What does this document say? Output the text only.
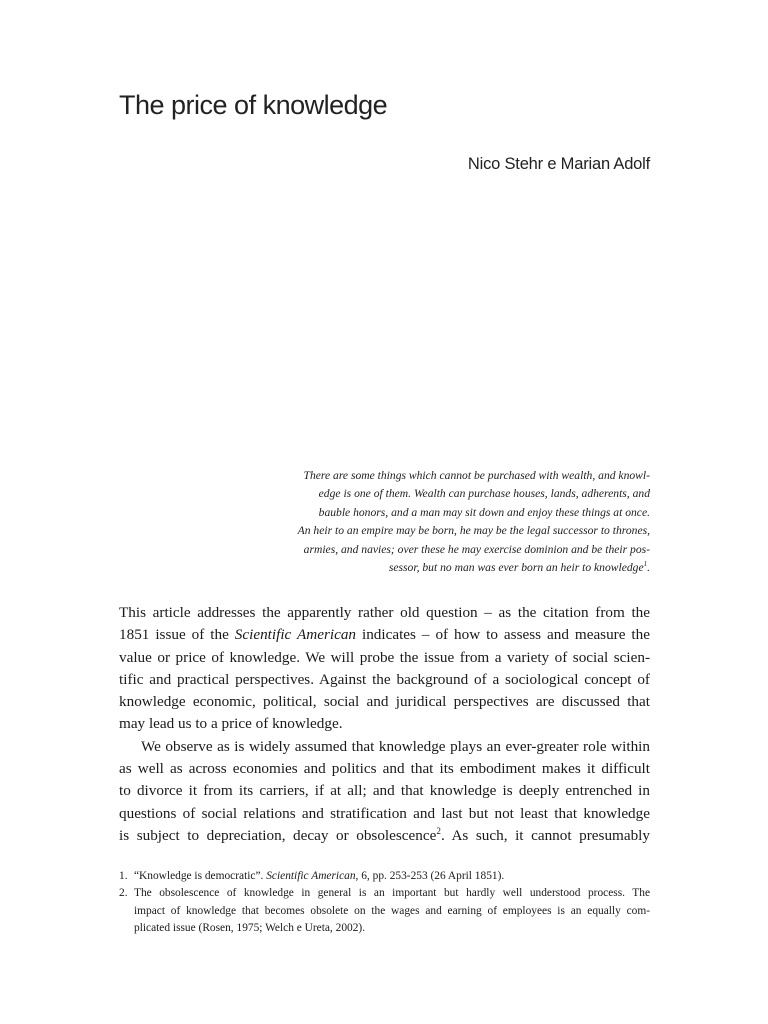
The price of knowledge
Nico Stehr e Marian Adolf
There are some things which cannot be purchased with wealth, and knowl-
edge is one of them. Wealth can purchase houses, lands, adherents, and
bauble honors, and a man may sit down and enjoy these things at once.
An heir to an empire may be born, he may be the legal successor to thrones,
armies, and navies; over these he may exercise dominion and be their pos-
sessor, but no man was ever born an heir to knowledge$^1$.
This article addresses the apparently rather old question – as the citation from the
1851 issue of the Scientific American indicates – of how to assess and measure the
value or price of knowledge. We will probe the issue from a variety of social scien-
tific and practical perspectives. Against the background of a sociological concept of
knowledge economic, political, social and juridical perspectives are discussed that
may lead us to a price of knowledge.
We observe as is widely assumed that knowledge plays an ever-greater role within
as well as across economies and politics and that its embodiment makes it difficult
to divorce it from its carriers, if at all; and that knowledge is deeply entrenched in
questions of social relations and stratification and last but not least that knowledge
is subject to depreciation, decay or obsolescence$^2$. As such, it cannot presumably
1. “Knowledge is democratic”. Scientific American, 6, pp. 253-253 (26 April 1851).
2. The obsolescence of knowledge in general is an important but hardly well understood process. The
impact of knowledge that becomes obsolete on the wages and earning of employees is an equally com-
plicated issue (Rosen, 1975; Welch e Ureta, 2002).
